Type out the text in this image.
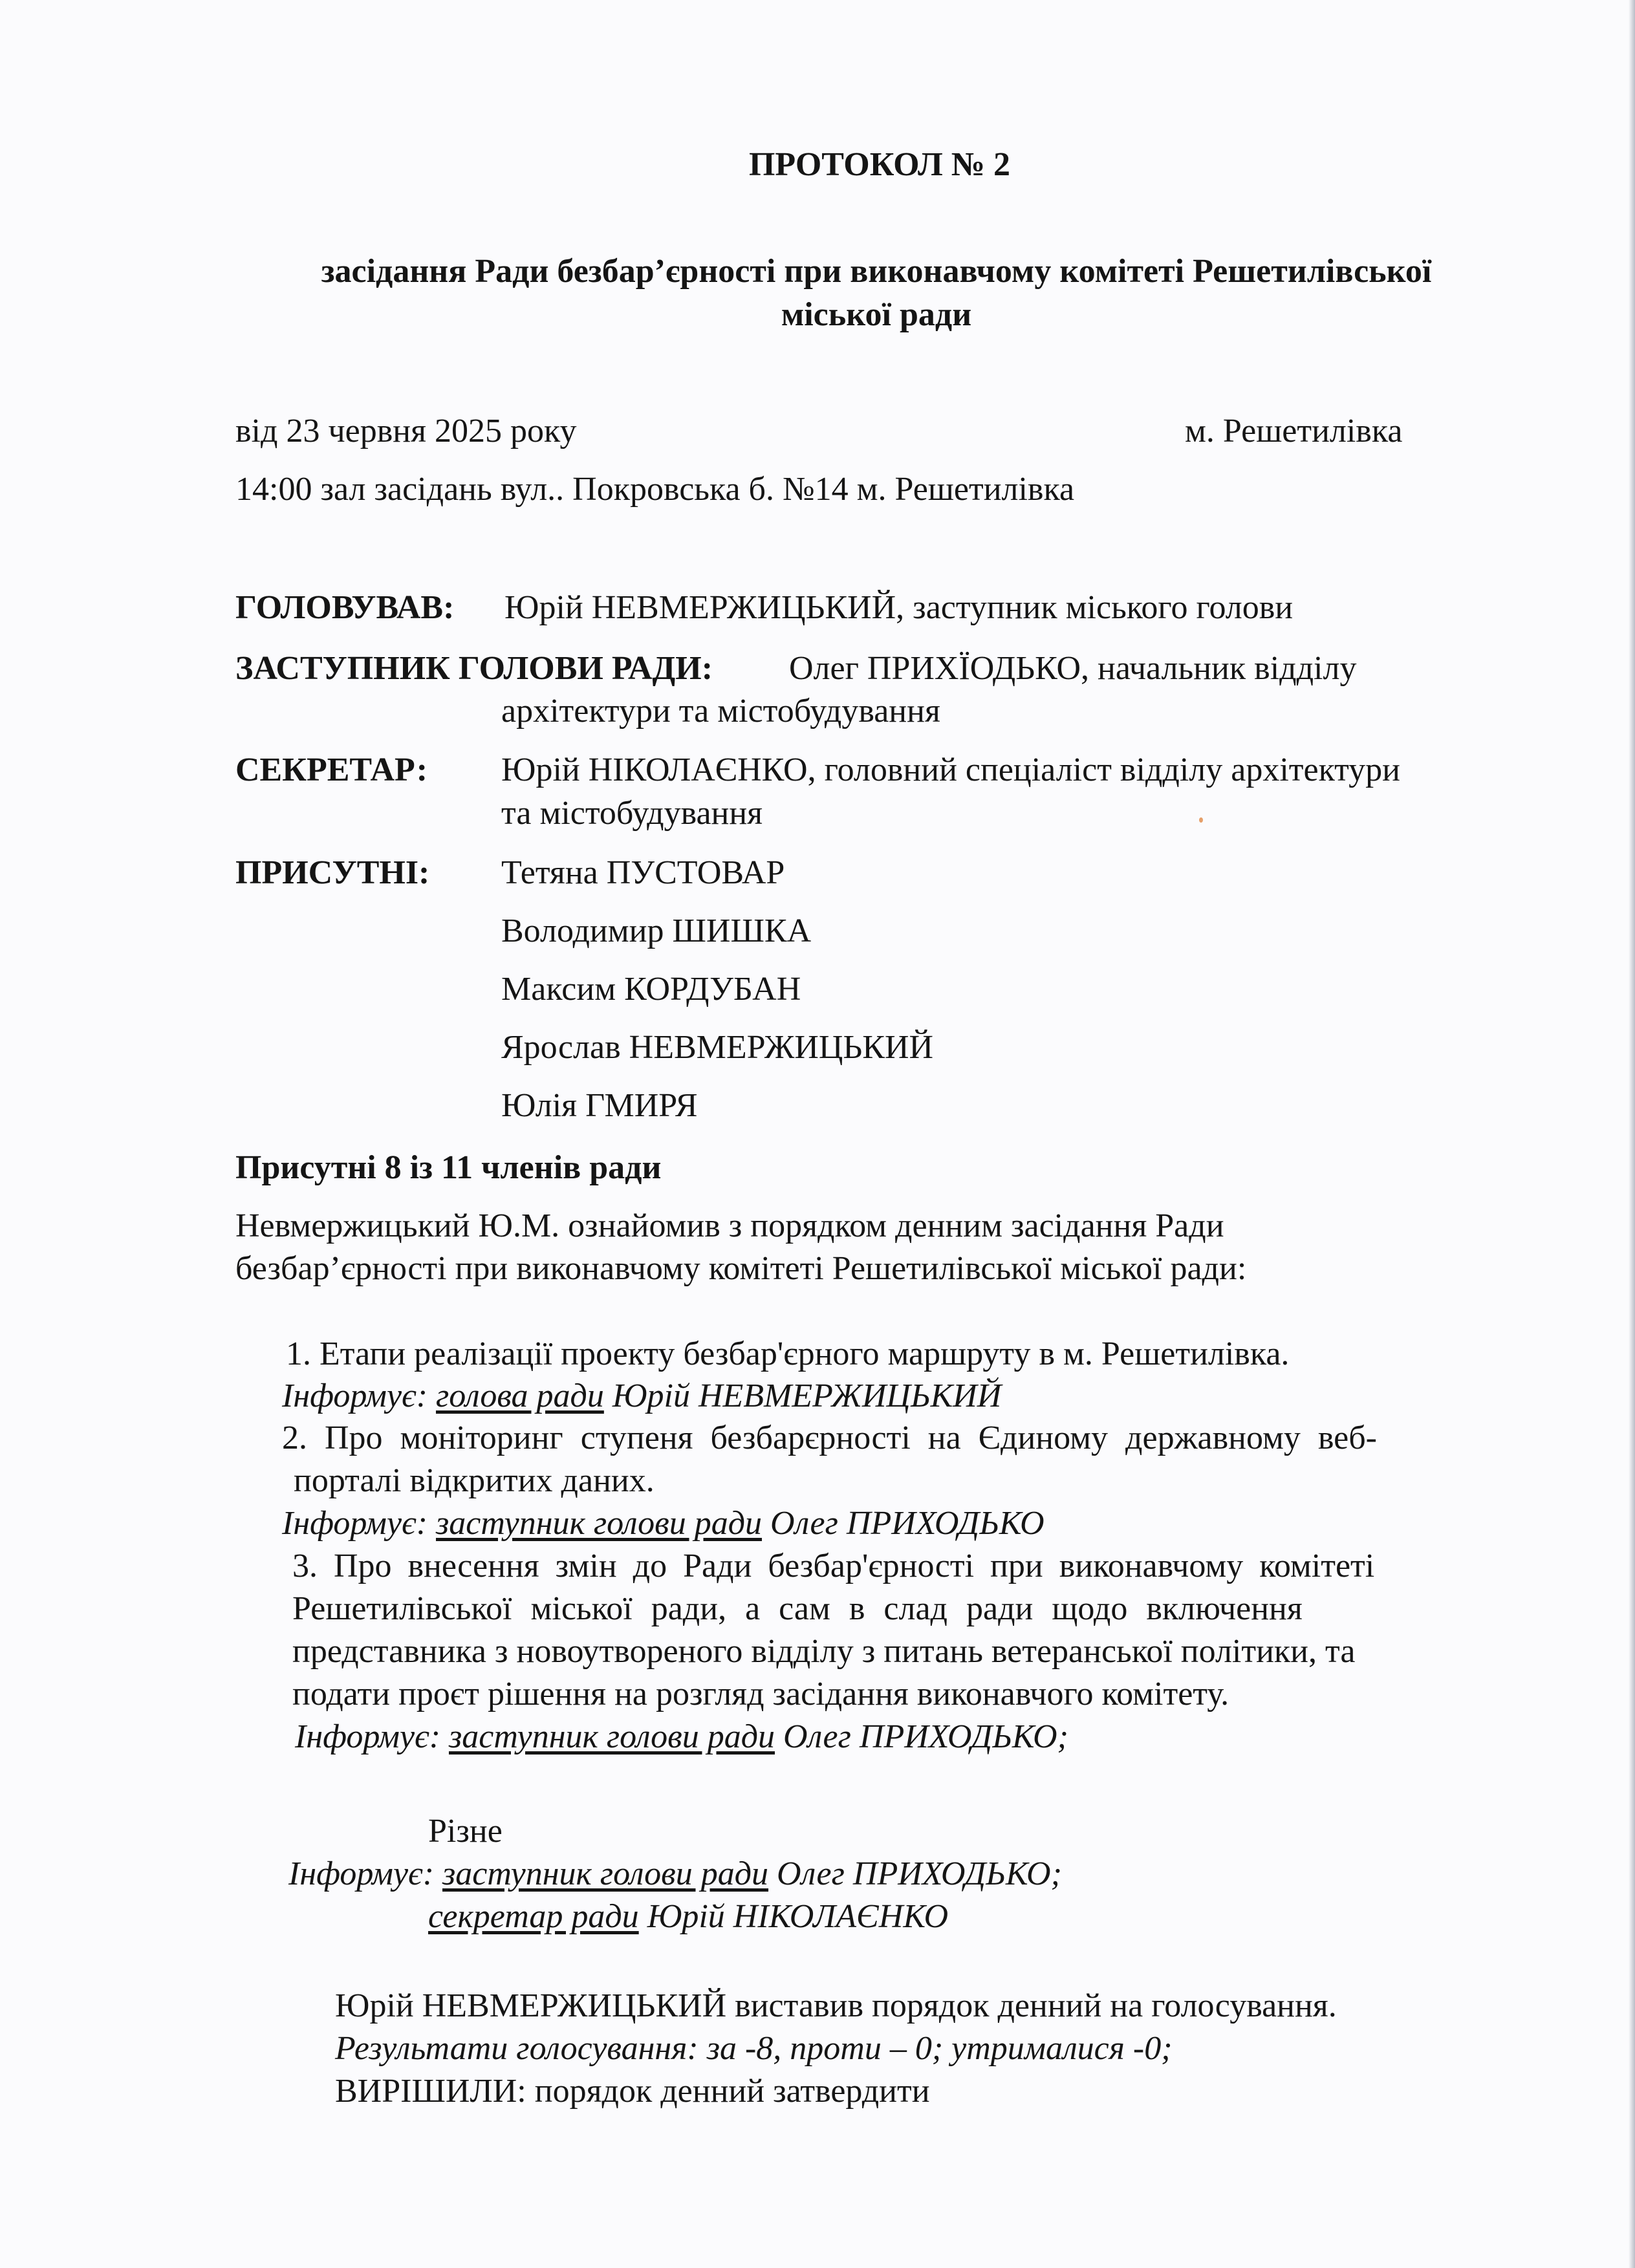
ПРОТОКОЛ № 2
засідання Ради безбар’єрності при виконавчому комітеті Решетилівської
міської ради
від 23 червня 2025 року	м. Решетилівка
14:00 зал засідань вул.. Покровська б. №14 м. Решетилівка
ГОЛОВУВАВ: Юрій НЕВМЕРЖИЦЬКИЙ, заступник міського голови
ЗАСТУПНИК ГОЛОВИ РАДИ: Олег ПРИХЇОДЬКО, начальник відділу
архітектури та містобудування
СЕКРЕТАР: Юрій НІКОЛАЄНКО, головний спеціаліст відділу архітектури
та містобудування
ПРИСУТНІ: Тетяна ПУСТОВАР
Володимир ШИШКА
Максим КОРДУБАН
Ярослав НЕВМЕРЖИЦЬКИЙ
Юлія ГМИРЯ
Присутні 8 із 11 членів ради
Невмержицький Ю.М. ознайомив з порядком денним засідання Ради
безбар’єрності при виконавчому комітеті Решетилівської міської ради:
1. Етапи реалізації проекту безбар'єрного маршруту в м. Решетилівка.
Інформує: голова ради Юрій НЕВМЕРЖИЦЬКИЙ
2. Про моніторинг ступеня безбарєрності на Єдиному державному веб-
порталі відкритих даних.
Інформує: заступник голови ради Олег ПРИХОДЬКО
3. Про внесення змін до Ради безбар'єрності при виконавчому комітеті
Решетилівської міської ради, а сам в слад ради щодо включення
представника з новоутвореного відділу з питань ветеранської політики, та
подати проєт рішення на розгляд засідання виконавчого комітету.
Інформує: заступник голови ради Олег ПРИХОДЬКО;
Різне
Інформує: заступник голови ради Олег ПРИХОДЬКО;
секретар ради Юрій НІКОЛАЄНКО
Юрій НЕВМЕРЖИЦЬКИЙ виставив порядок денний на голосування.
Результати голосування: за -8, проти – 0; утрималися -0;
ВИРІШИЛИ: порядок денний затвердити
